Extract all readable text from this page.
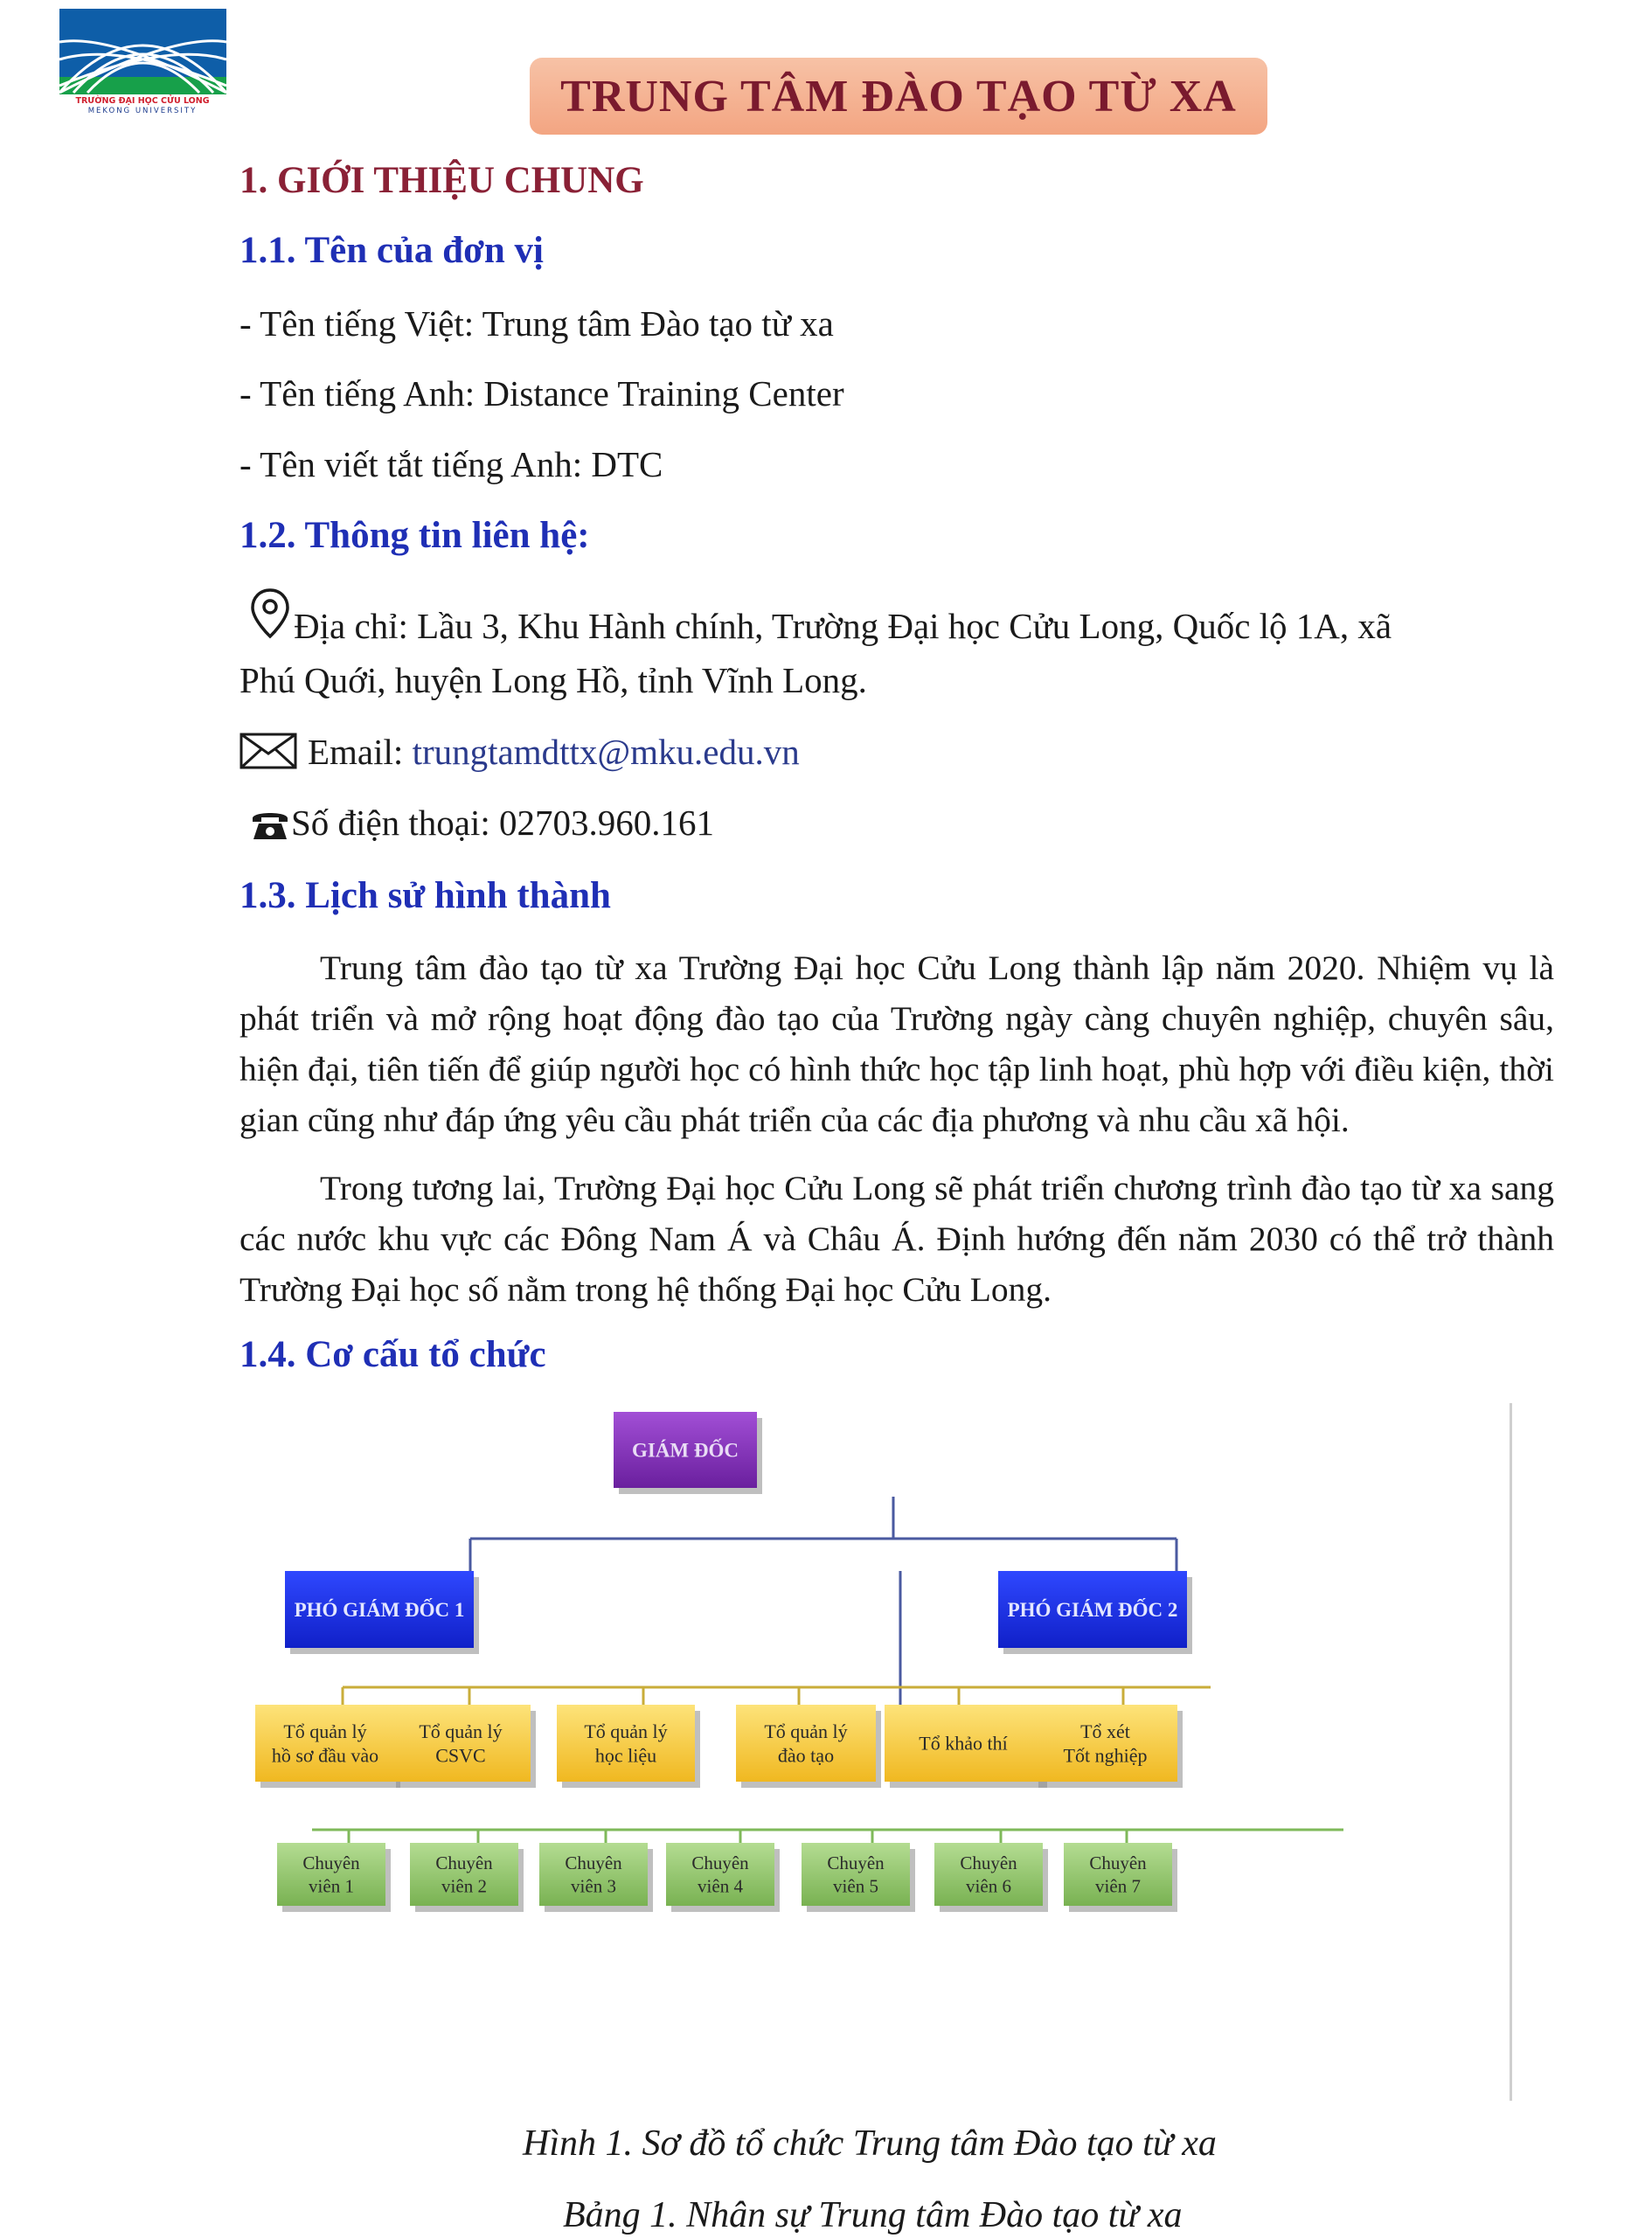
TRƯỜNG ĐẠI HỌC CỬU LONG
MEKONG UNIVERSITY	TRUNG TÂM ĐÀO TẠO TỪ XA
1. GIỚI THIỆU CHUNG
1.1. Tên của đơn vị
- Tên tiếng Việt: Trung tâm Đào tạo từ xa
- Tên tiếng Anh: Distance Training Center
- Tên viết tắt tiếng Anh: DTC
1.2. Thông tin liên hệ:
Địa chỉ: Lầu 3, Khu Hành chính, Trường Đại học Cửu Long, Quốc lộ 1A, xã
Phú Quới, huyện Long Hồ, tỉnh Vĩnh Long.
Email: trungtamdttx@mku.edu.vn
Số điện thoại: 02703.960.161
1.3. Lịch sử hình thành
Trung tâm đào tạo từ xa Trường Đại học Cửu Long thành lập năm 2020. Nhiệm vụ là phát triển và mở rộng hoạt động đào tạo của Trường ngày càng chuyên nghiệp, chuyên sâu, hiện đại, tiên tiến để giúp người học có hình thức học tập linh hoạt, phù hợp với điều kiện, thời gian cũng như đáp ứng yêu cầu phát triển của các địa phương và nhu cầu xã hội.
Trong tương lai, Trường Đại học Cửu Long sẽ phát triển chương trình đào tạo từ xa sang các nước khu vực các Đông Nam Á và Châu Á. Định hướng đến năm 2030 có thể trở thành Trường Đại học số nằm trong hệ thống Đại học Cửu Long.
1.4. Cơ cấu tổ chức
GIÁM ĐỐC
PHÓ GIÁM ĐỐC 1	PHÓ GIÁM ĐỐC 2
Tổ quản lý
hồ sơ đầu vào
Tổ quản lý
CSVC
Tổ quản lý
học liệu
Tổ quản lý
đào tạo
Tổ khảo thí
Tổ xét
Tốt nghiệp
Chuyên
viên 1
Chuyên
viên 2
Chuyên
viên 3
Chuyên
viên 4
Chuyên
viên 5
Chuyên
viên 6
Chuyên
viên 7
Hình 1. Sơ đồ tổ chức Trung tâm Đào tạo từ xa
Bảng 1. Nhân sự Trung tâm Đào tạo từ xa
